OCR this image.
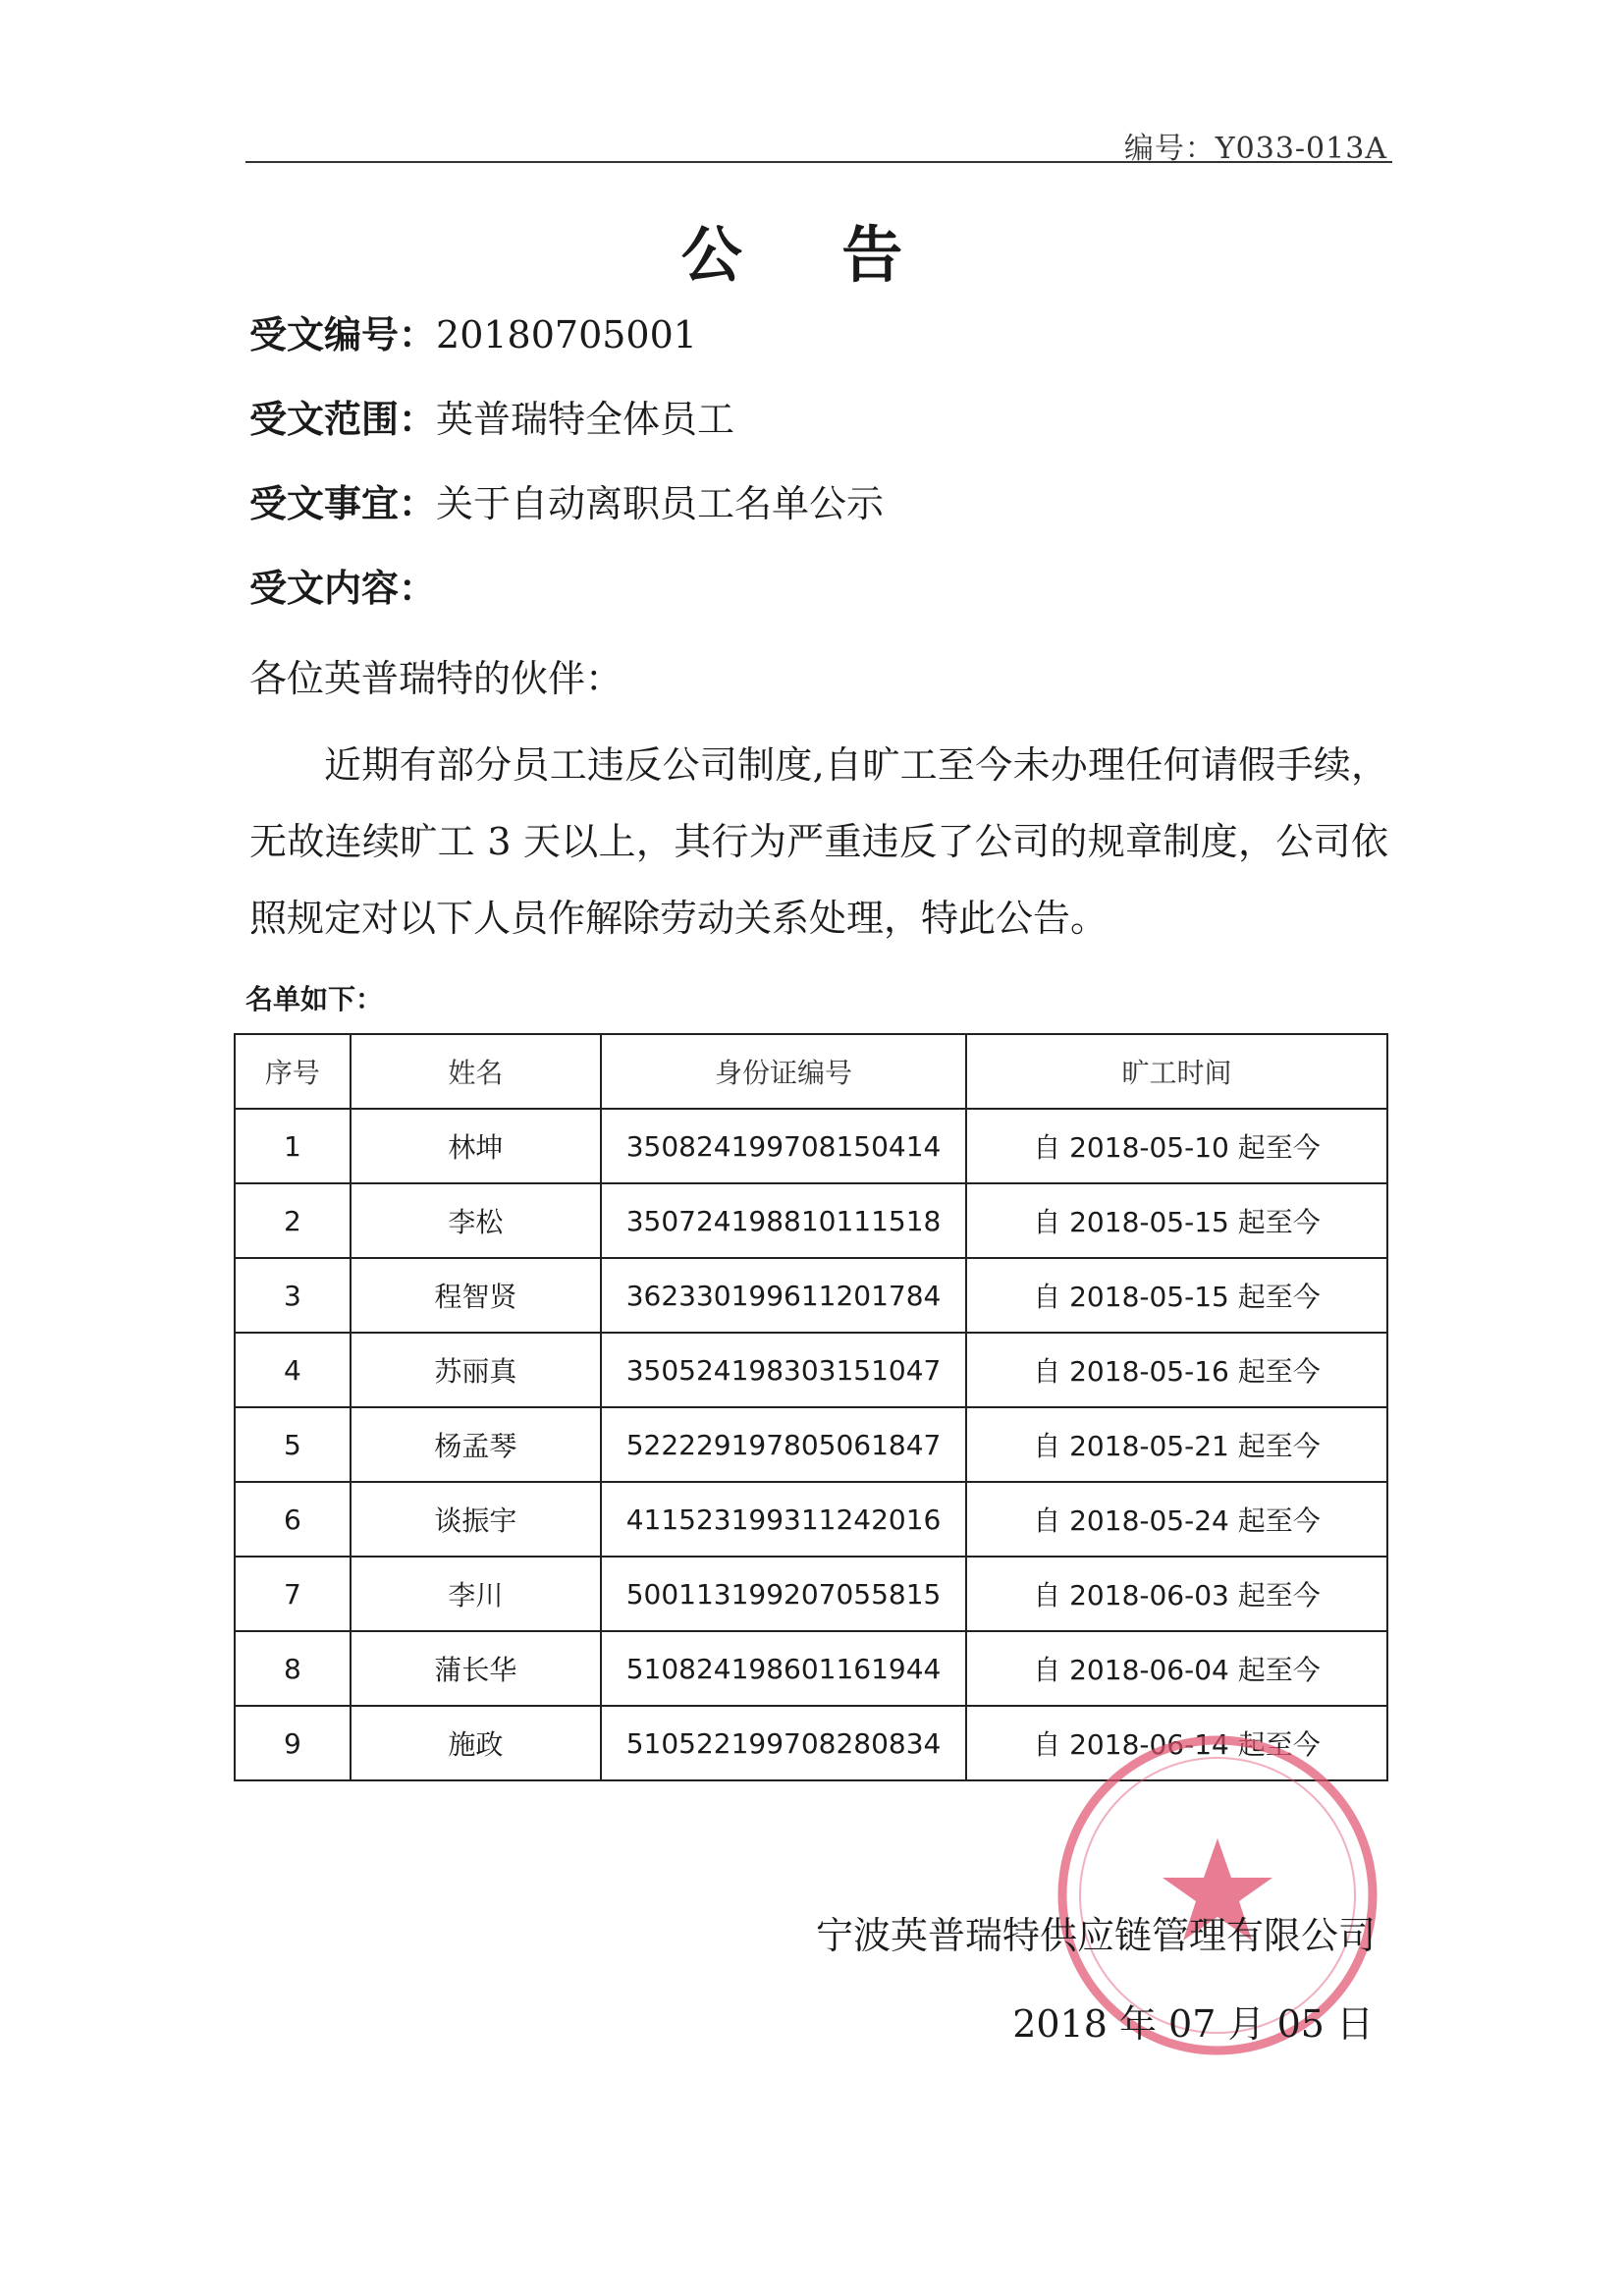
编号：Y033-013A
公 告
受文编号：20180705001
受文范围：英普瑞特全体员工
受文事宜：关于自动离职员工名单公示
受文内容：
各位英普瑞特的伙伴：
近期有部分员工违反公司制度,自旷工至今未办理任何请假手续，无故连续旷工 3 天以上，其行为严重违反了公司的规章制度，公司依照规定对以下人员作解除劳动关系处理，特此公告。
名单如下：
序号	姓名	身份证编号	旷工时间
1	林坤	350824199708150414	自 2018-05-10 起至今
2	李松	350724198810111518	自 2018-05-15 起至今
3	程智贤	362330199611201784	自 2018-05-15 起至今
4	苏丽真	350524198303151047	自 2018-05-16 起至今
5	杨孟琴	522229197805061847	自 2018-05-21 起至今
6	谈振宇	411523199311242016	自 2018-05-24 起至今
7	李川	500113199207055815	自 2018-06-03 起至今
8	蒲长华	510824198601161944	自 2018-06-04 起至今
9	施政	510522199708280834	自 2018-06-14 起至今
宁波英普瑞特供应链管理有限公司
2018 年 07 月 05 日
